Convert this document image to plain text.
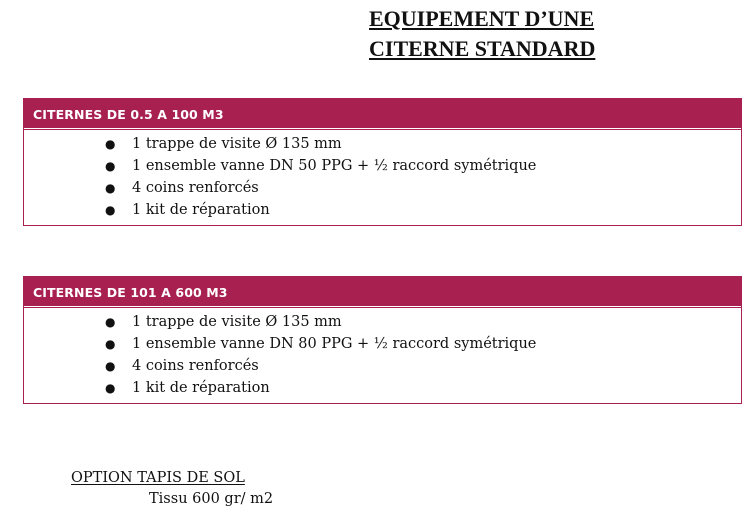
EQUIPEMENT D’UNE
CITERNE STANDARD
CITERNES DE 0.5 A 100 M3
● 1 trappe de visite Ø 135 mm
● 1 ensemble vanne DN 50 PPG + ½ raccord symétrique
● 4 coins renforcés
● 1 kit de réparation
CITERNES DE 101 A 600 M3
● 1 trappe de visite Ø 135 mm
● 1 ensemble vanne DN 80 PPG + ½ raccord symétrique
● 4 coins renforcés
● 1 kit de réparation
OPTION TAPIS DE SOL
Tissu 600 gr/ m2
